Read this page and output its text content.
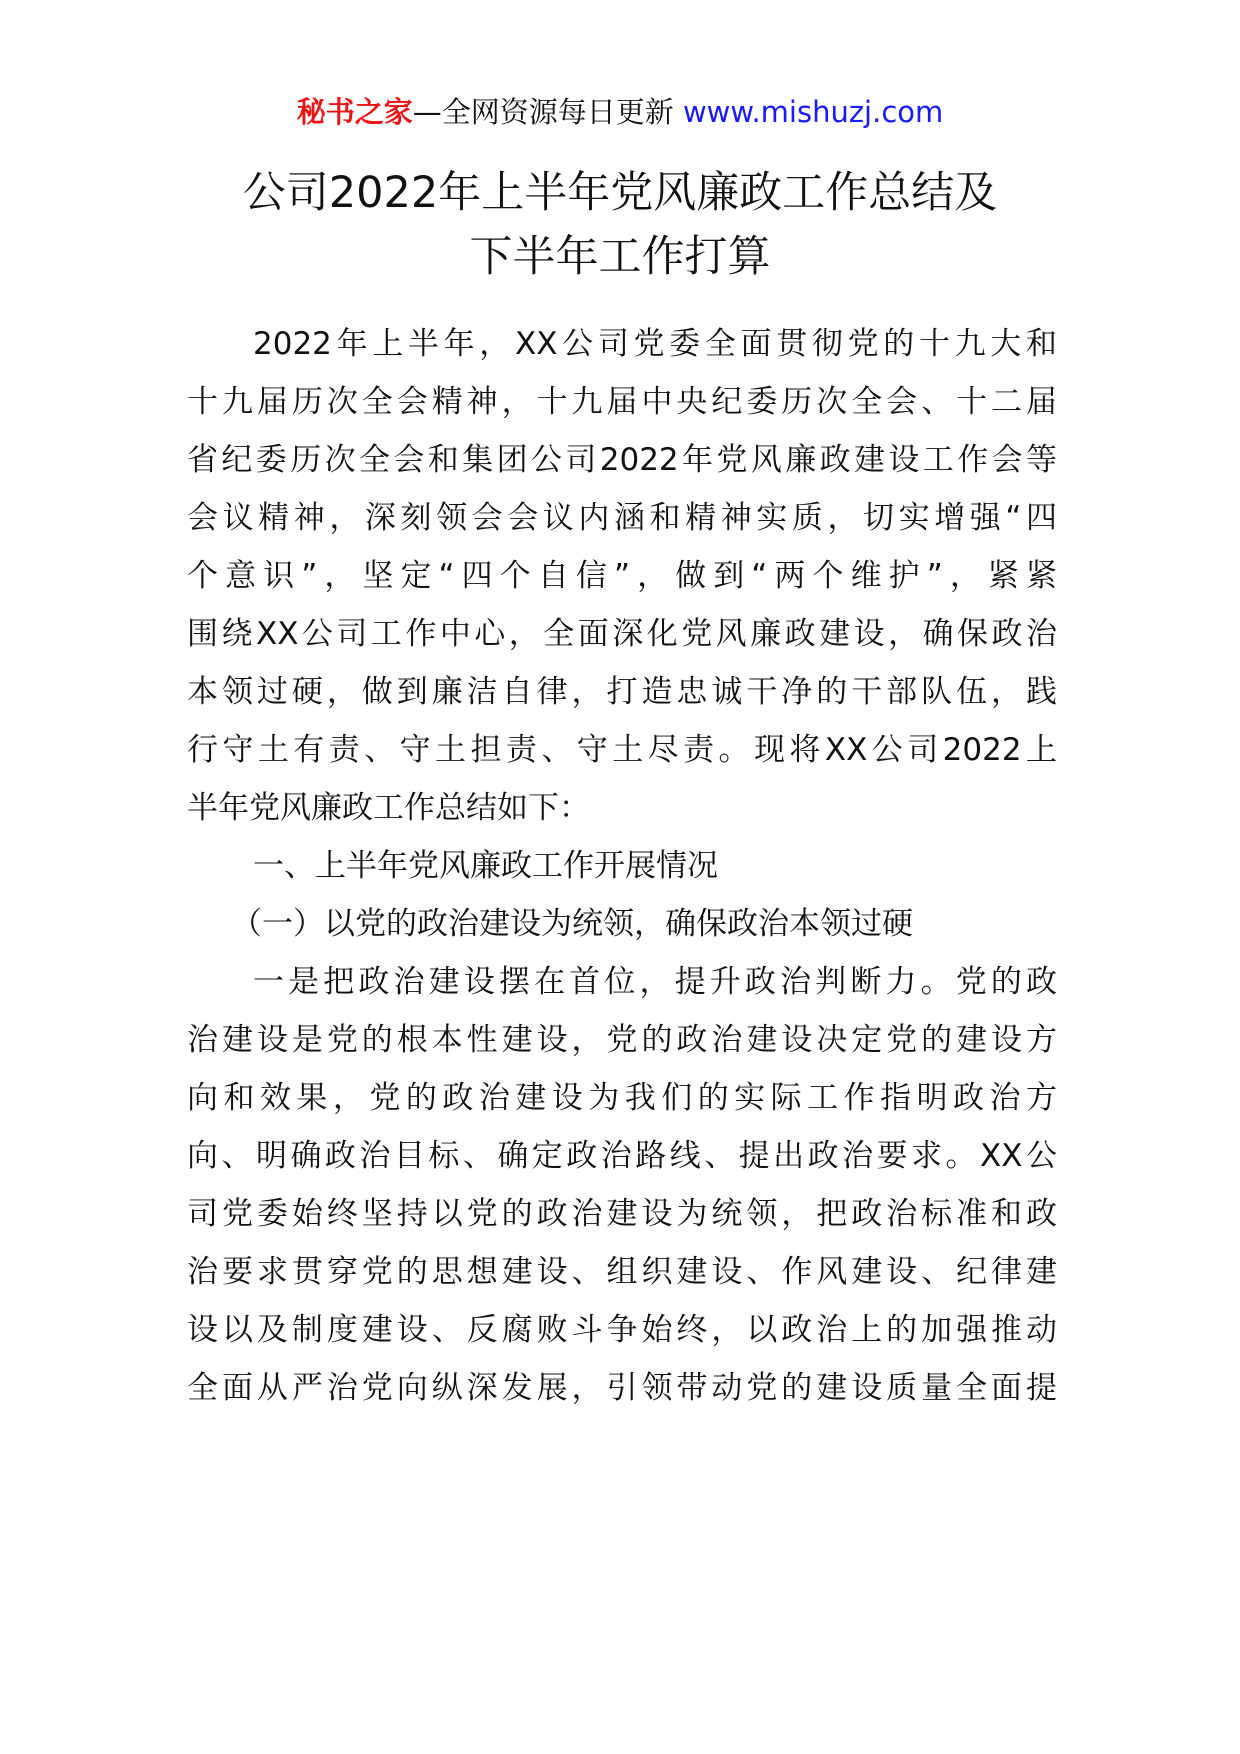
秘书之家—全网资源每日更新 www.mishuzj.com
公司2022年上半年党风廉政工作总结及
下半年工作打算
2022年上半年，XX公司党委全面贯彻党的十九大和
十九届历次全会精神，十九届中央纪委历次全会、十二届
省纪委历次全会和集团公司2022年党风廉政建设工作会等
会议精神，深刻领会会议内涵和精神实质，切实增强“四
个意识”，坚定“四个自信”，做到“两个维护”，紧紧
围绕XX公司工作中心，全面深化党风廉政建设，确保政治
本领过硬，做到廉洁自律，打造忠诚干净的干部队伍，践
行守土有责、守土担责、守土尽责。现将XX公司2022上
半年党风廉政工作总结如下：
一、上半年党风廉政工作开展情况
（一）以党的政治建设为统领，确保政治本领过硬
一是把政治建设摆在首位，提升政治判断力。党的政
治建设是党的根本性建设，党的政治建设决定党的建设方
向和效果，党的政治建设为我们的实际工作指明政治方
向、明确政治目标、确定政治路线、提出政治要求。XX公
司党委始终坚持以党的政治建设为统领，把政治标准和政
治要求贯穿党的思想建设、组织建设、作风建设、纪律建
设以及制度建设、反腐败斗争始终，以政治上的加强推动
全面从严治党向纵深发展，引领带动党的建设质量全面提
